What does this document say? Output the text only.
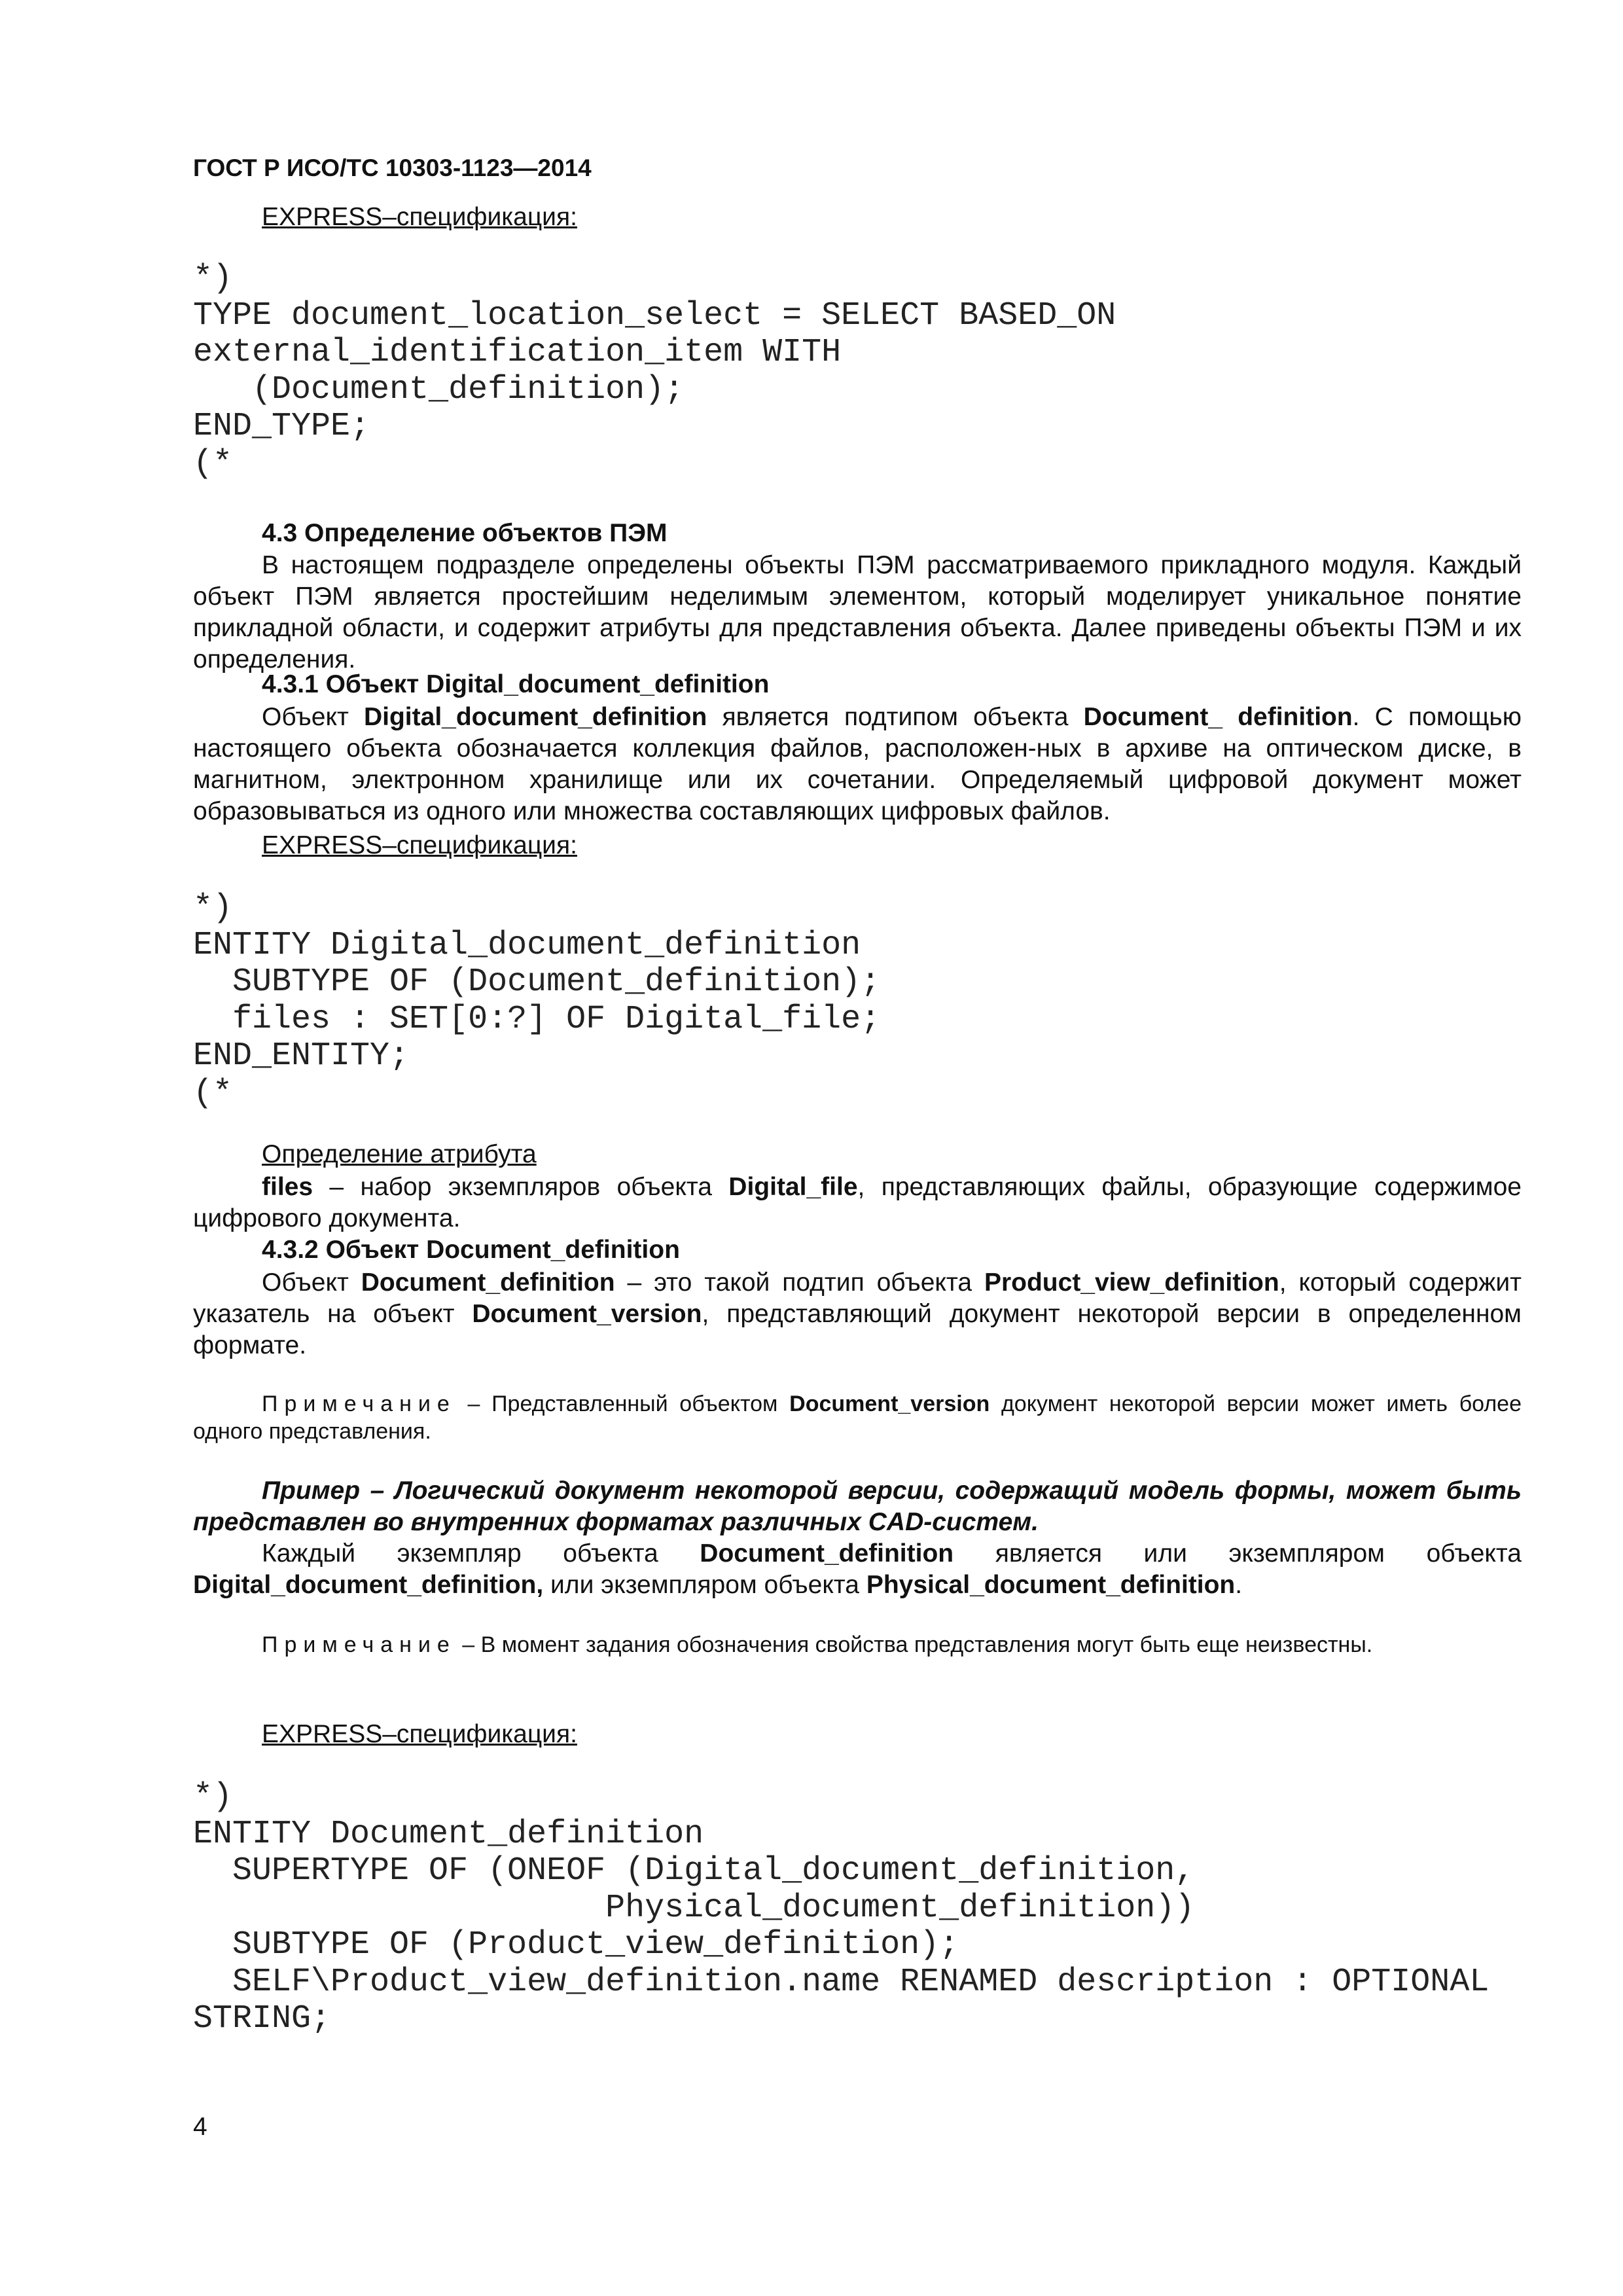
ГОСТ Р ИСО/ТС 10303-1123—2014
EXPRESS–спецификация:
*)
TYPE document_location_select = SELECT BASED_ON
external_identification_item WITH
(Document_definition);
END_TYPE;
(*
4.3 Определение объектов ПЭМ
В настоящем подразделе определены объекты ПЭМ рассматриваемого прикладного модуля. Каждый объект ПЭМ является простейшим неделимым элементом, который моделирует уникальное понятие прикладной области, и содержит атрибуты для представления объекта. Далее приведены объекты ПЭМ и их определения.
4.3.1 Объект Digital_document_definition
Объект Digital_document_definition является подтипом объекта Document_ definition. С помощью настоящего объекта обозначается коллекция файлов, расположен-ных в архиве на оптическом диске, в магнитном, электронном хранилище или их сочетании. Определяемый цифровой документ может образовываться из одного или множества составляющих цифровых файлов.
EXPRESS–спецификация:
*)
ENTITY Digital_document_definition
SUBTYPE OF (Document_definition);
files : SET[0:?] OF Digital_file;
END_ENTITY;
(*
Определение атрибута
files – набор экземпляров объекта Digital_file, представляющих файлы, образующие содержимое цифрового документа.
4.3.2 Объект Document_definition
Объект Document_definition – это такой подтип объекта Product_view_definition, который содержит указатель на объект Document_version, представляющий документ некоторой версии в определенном формате.
Примечание – Представленный объектом Document_version документ некоторой версии может иметь более одного представления.
Пример – Логический документ некоторой версии, содержащий модель формы, может быть представлен во внутренних форматах различных CAD-систем.
Каждый экземпляр объекта Document_definition является или экземпляром объекта Digital_document_definition, или экземпляром объекта Physical_document_definition.
Примечание – В момент задания обозначения свойства представления могут быть еще неизвестны.
EXPRESS–спецификация:
*)
ENTITY Document_definition
SUPERTYPE OF (ONEOF (Digital_document_definition,
Physical_document_definition))
SUBTYPE OF (Product_view_definition);
SELF\Product_view_definition.name RENAMED description : OPTIONAL
STRING;
4
